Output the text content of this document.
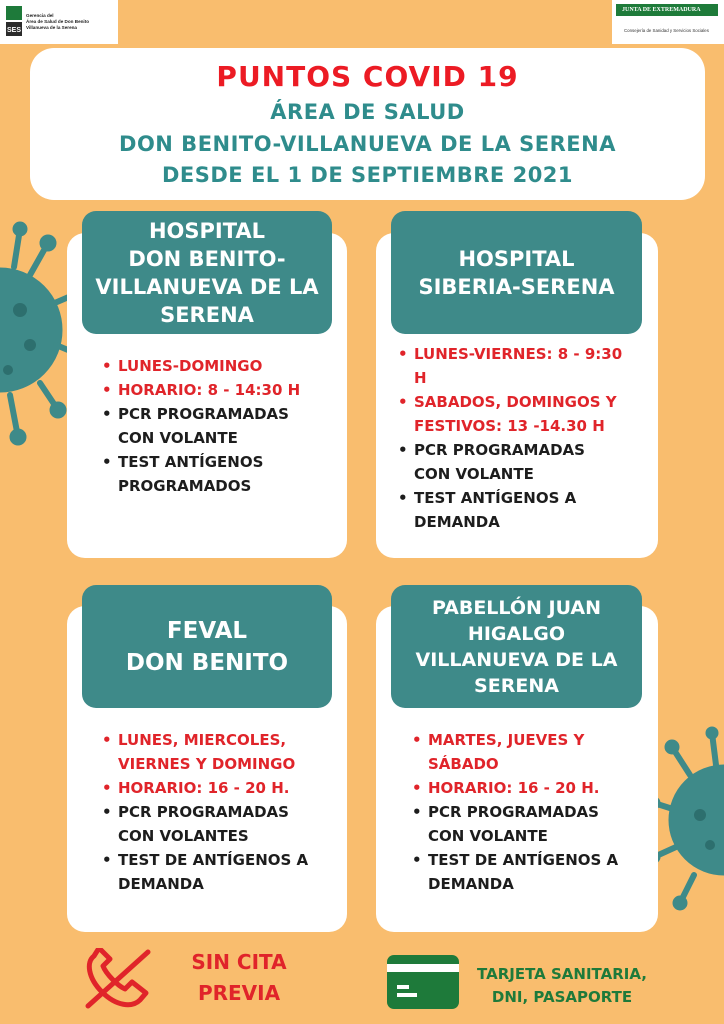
SES
Gerencia del
Área de Salud de Don Benito
Villanueva de la Serena
JUNTA DE EXTREMADURA
Consejería de Sanidad y Servicios Sociales
PUNTOS COVID 19
ÁREA DE SALUD
DON BENITO-VILLANUEVA DE LA SERENA
DESDE EL 1 DE SEPTIEMBRE 2021
HOSPITAL
DON BENITO-
VILLANUEVA DE LA
SERENA
• LUNES-DOMINGO
• HORARIO: 8 - 14:30 H
• PCR PROGRAMADAS
CON VOLANTE
• TEST ANTÍGENOS
PROGRAMADOS
HOSPITAL
SIBERIA-SERENA
• LUNES-VIERNES: 8 - 9:30
H
• SABADOS, DOMINGOS Y
FESTIVOS: 13 -14.30 H
• PCR PROGRAMADAS
CON VOLANTE
• TEST ANTÍGENOS A
DEMANDA
FEVAL
DON BENITO
• LUNES, MIERCOLES,
VIERNES Y DOMINGO
• HORARIO: 16 - 20 H.
• PCR PROGRAMADAS
CON VOLANTES
• TEST DE ANTÍGENOS A
DEMANDA
PABELLÓN JUAN
HIGALGO
VILLANUEVA DE LA
SERENA
• MARTES, JUEVES Y
SÁBADO
• HORARIO: 16 - 20 H.
• PCR PROGRAMADAS
CON VOLANTE
• TEST DE ANTÍGENOS A
DEMANDA
SIN CITA
PREVIA
TARJETA SANITARIA,
DNI, PASAPORTE
